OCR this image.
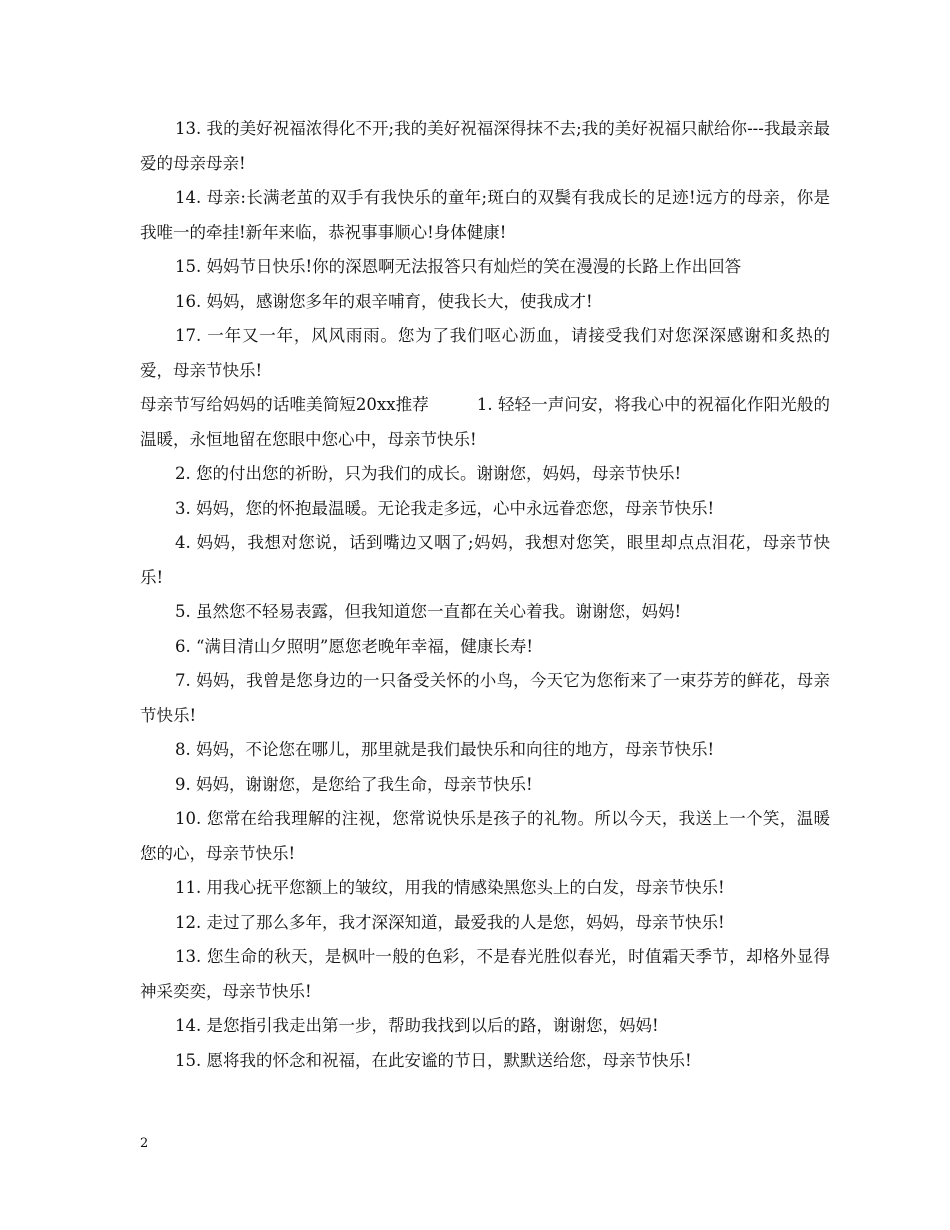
13. 我的美好祝福浓得化不开;我的美好祝福深得抹不去;我的美好祝福只献给你---我最亲最爱的母亲母亲!

14. 母亲:长满老茧的双手有我快乐的童年;斑白的双鬓有我成长的足迹!远方的母亲，你是我唯一的牵挂!新年来临，恭祝事事顺心!身体健康!

15. 妈妈节日快乐!你的深恩啊无法报答只有灿烂的笑在漫漫的长路上作出回答

16. 妈妈，感谢您多年的艰辛哺育，使我长大，使我成才!

17. 一年又一年，风风雨雨。您为了我们呕心沥血，请接受我们对您深深感谢和炙热的爱，母亲节快乐!

母亲节写给妈妈的话唯美简短20xx推荐	1. 轻轻一声问安，将我心中的祝福化作阳光般的温暖，永恒地留在您眼中您心中，母亲节快乐!

2. 您的付出您的祈盼，只为我们的成长。谢谢您，妈妈，母亲节快乐!

3. 妈妈，您的怀抱最温暖。无论我走多远，心中永远眷恋您，母亲节快乐!

4. 妈妈，我想对您说，话到嘴边又咽了;妈妈，我想对您笑，眼里却点点泪花，母亲节快乐!

5. 虽然您不轻易表露，但我知道您一直都在关心着我。谢谢您，妈妈!

6. “满目清山夕照明”愿您老晚年幸福，健康长寿!

7. 妈妈，我曾是您身边的一只备受关怀的小鸟，今天它为您衔来了一束芬芳的鲜花，母亲节快乐!

8. 妈妈，不论您在哪儿，那里就是我们最快乐和向往的地方，母亲节快乐!

9. 妈妈，谢谢您，是您给了我生命，母亲节快乐!

10. 您常在给我理解的注视，您常说快乐是孩子的礼物。所以今天，我送上一个笑，温暖您的心，母亲节快乐!

11. 用我心抚平您额上的皱纹，用我的情感染黑您头上的白发，母亲节快乐!

12. 走过了那么多年，我才深深知道，最爱我的人是您，妈妈，母亲节快乐!

13. 您生命的秋天，是枫叶一般的色彩，不是春光胜似春光，时值霜天季节，却格外显得神采奕奕，母亲节快乐!

14. 是您指引我走出第一步，帮助我找到以后的路，谢谢您，妈妈!

15. 愿将我的怀念和祝福，在此安谧的节日，默默送给您，母亲节快乐!

2
